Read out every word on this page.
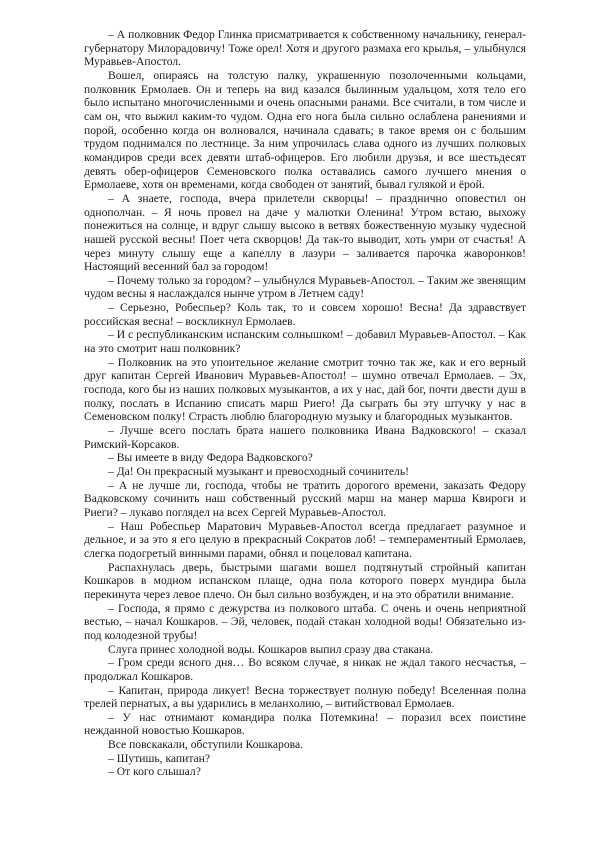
– А полковник Федор Глинка присматривается к собственному начальнику, генерал-губернатору Милорадовичу! Тоже орел! Хотя и другого размаха его крылья, – улыбнулся Муравьев-Апостол.

Вошел, опираясь на толстую палку, украшенную позолоченными кольцами, полковник Ермолаев. Он и теперь на вид казался былинным удальцом, хотя тело его было испытано многочисленными и очень опасными ранами. Все считали, в том числе и сам он, что выжил каким-то чудом. Одна его нога была сильно ослаблена ранениями и порой, особенно когда он волновался, начинала сдавать; в такое время он с большим трудом поднимался по лестнице. За ним упрочилась слава одного из лучших полковых командиров среди всех девяти штаб-офицеров. Его любили друзья, и все шестьдесят девять обер-офицеров Семеновского полка оставались самого лучшего мнения о Ермолаеве, хотя он временами, когда свободен от занятий, бывал гулякой и ёрой.

– А знаете, господа, вчера прилетели скворцы! – празднично оповестил он однополчан. – Я ночь провел на даче у малютки Оленина! Утром встаю, выхожу понежиться на солнце, и вдруг слышу высоко в ветвях божественную музыку чудесной нашей русской весны! Поет чета скворцов! Да так-то выводит, хоть умри от счастья! А через минуту слышу еще а капеллу в лазури – заливается парочка жаворонков! Настоящий весенний бал за городом!

– Почему только за городом? – улыбнулся Муравьев-Апостол. – Таким же звенящим чудом весны я наслаждался нынче утром в Летнем саду!

– Серьезно, Робеспьер? Коль так, то и совсем хорошо! Весна! Да здравствует российская весна! – воскликнул Ермолаев.

– И с республиканским испанским солнышком! – добавил Муравьев-Апостол. – Как на это смотрит наш полковник?

– Полковник на это упоительное желание смотрит точно так же, как и его верный друг капитан Сергей Иванович Муравьев-Апостол! – шумно отвечал Ермолаев. – Эх, господа, кого бы из наших полковых музыкантов, а их у нас, дай бог, почти двести душ в полку, послать в Испанию списать марш Риего! Да сыграть бы эту штучку у нас в Семеновском полку! Страсть люблю благородную музыку и благородных музыкантов.

– Лучше всего послать брата нашего полковника Ивана Вадковского! – сказал Римский-Корсаков.

– Вы имеете в виду Федора Вадковского?

– Да! Он прекрасный музыкант и превосходный сочинитель!

– А не лучше ли, господа, чтобы не тратить дорогого времени, заказать Федору Вадковскому сочинить наш собственный русский марш на манер марша Квироги и Риеги? – лукаво поглядел на всех Сергей Муравьев-Апостол.

– Наш Робеспьер Маратович Муравьев-Апостол всегда предлагает разумное и дельное, и за это я его целую в прекрасный Сократов лоб! – темпераментный Ермолаев, слегка подогретый винными парами, обнял и поцеловал капитана.

Распахнулась дверь, быстрыми шагами вошел подтянутый стройный капитан Кошкаров в модном испанском плаще, одна пола которого поверх мундира была перекинута через левое плечо. Он был сильно возбужден, и на это обратили внимание.

– Господа, я прямо с дежурства из полкового штаба. С очень и очень неприятной вестью, – начал Кошкаров. – Эй, человек, подай стакан холодной воды! Обязательно из-под колодезной трубы!

Слуга принес холодной воды. Кошкаров выпил сразу два стакана.

– Гром среди ясного дня… Во всяком случае, я никак не ждал такого несчастья, – продолжал Кошкаров.

– Капитан, природа ликует! Весна торжествует полную победу! Вселенная полна трелей пернатых, а вы ударились в меланхолию, – витийствовал Ермолаев.

– У нас отнимают командира полка Потемкина! – поразил всех поистине нежданной новостью Кошкаров.

Все повскакали, обступили Кошкарова.

– Шутишь, капитан?

– От кого слышал?
